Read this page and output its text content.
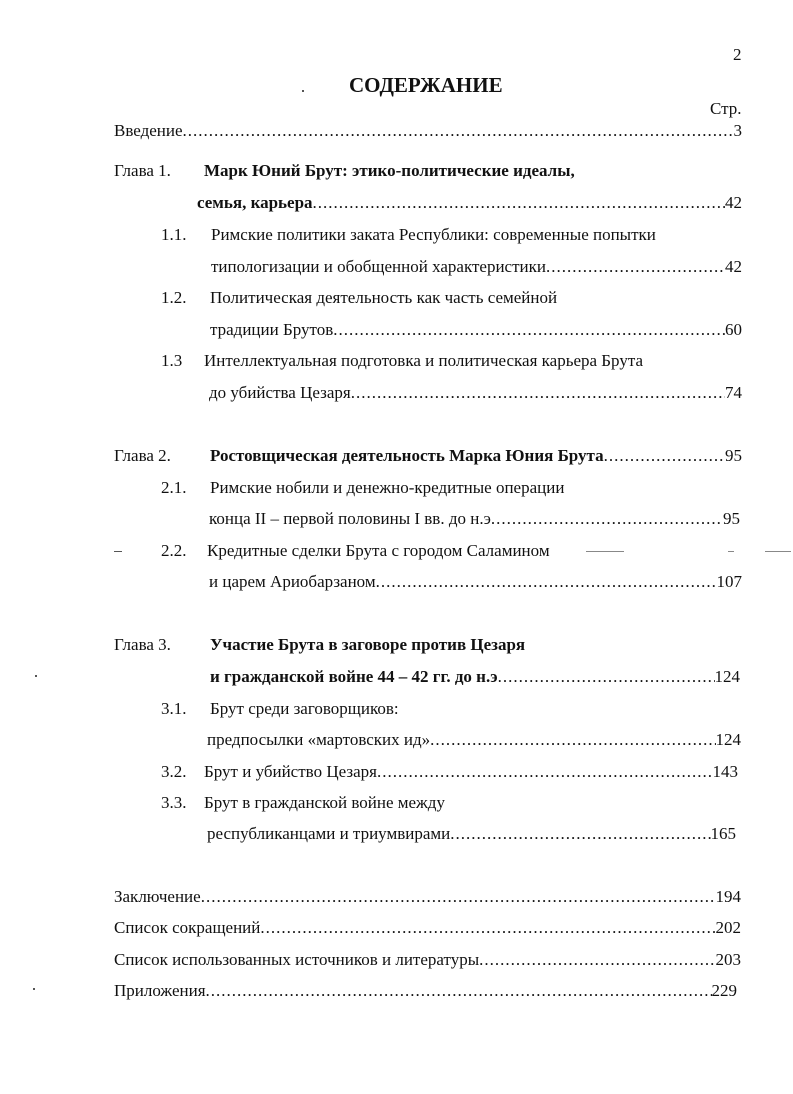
2
СОДЕРЖАНИЕ
Стр.
Введение .....	3
Глава 1. Марк Юний Брут: этико-политические идеалы,
семья, карьера .....	42
1.1. Римские политики заката Республики: современные попытки
типологизации и обобщенной характеристики .....	42
1.2. Политическая деятельность как часть семейной
традиции Брутов .....	60
1.3 Интеллектуальная подготовка и политическая карьера Брута
до убийства Цезаря .....	74
Глава 2. Ростовщическая деятельность Марка Юния Брута .....	95
2.1. Римские нобили и денежно-кредитные операции
конца II – первой половины I вв. до н.э .....	95
2.2. Кредитные сделки Брута с городом Саламином
и царем Ариобарзаном .....	107
Глава 3. Участие Брута в заговоре против Цезаря
и гражданской войне 44 – 42 гг. до н.э .....	124
3.1. Брут среди заговорщиков:
предпосылки «мартовских ид» .....	124
3.2. Брут и убийство Цезаря .....	143
3.3. Брут в гражданской войне между
республиканцами и триумвирами .....	165
Заключение .....	194
Список сокращений .....	202
Список использованных источников и литературы .....	203
Приложения .....	229
